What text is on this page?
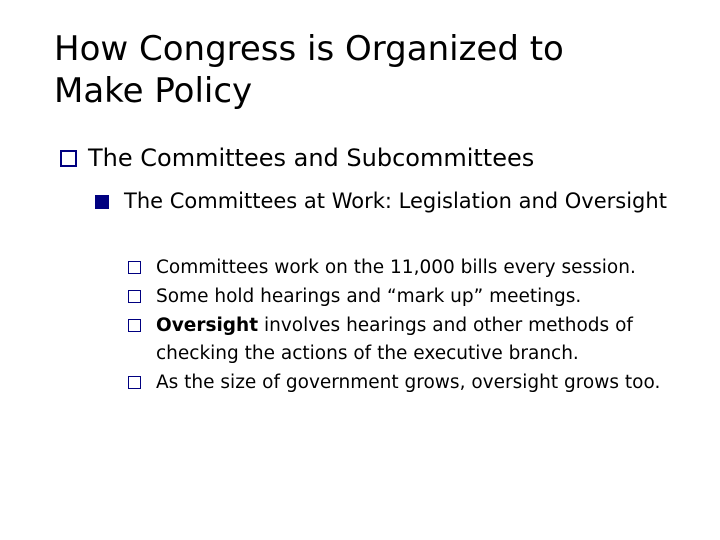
How Congress is Organized to
Make Policy
The Committees and Subcommittees
The Committees at Work: Legislation and Oversight
Committees work on the 11,000 bills every session.
Some hold hearings and “mark up” meetings.
Oversight involves hearings and other methods of checking the actions of the executive branch.
As the size of government grows, oversight grows too.
